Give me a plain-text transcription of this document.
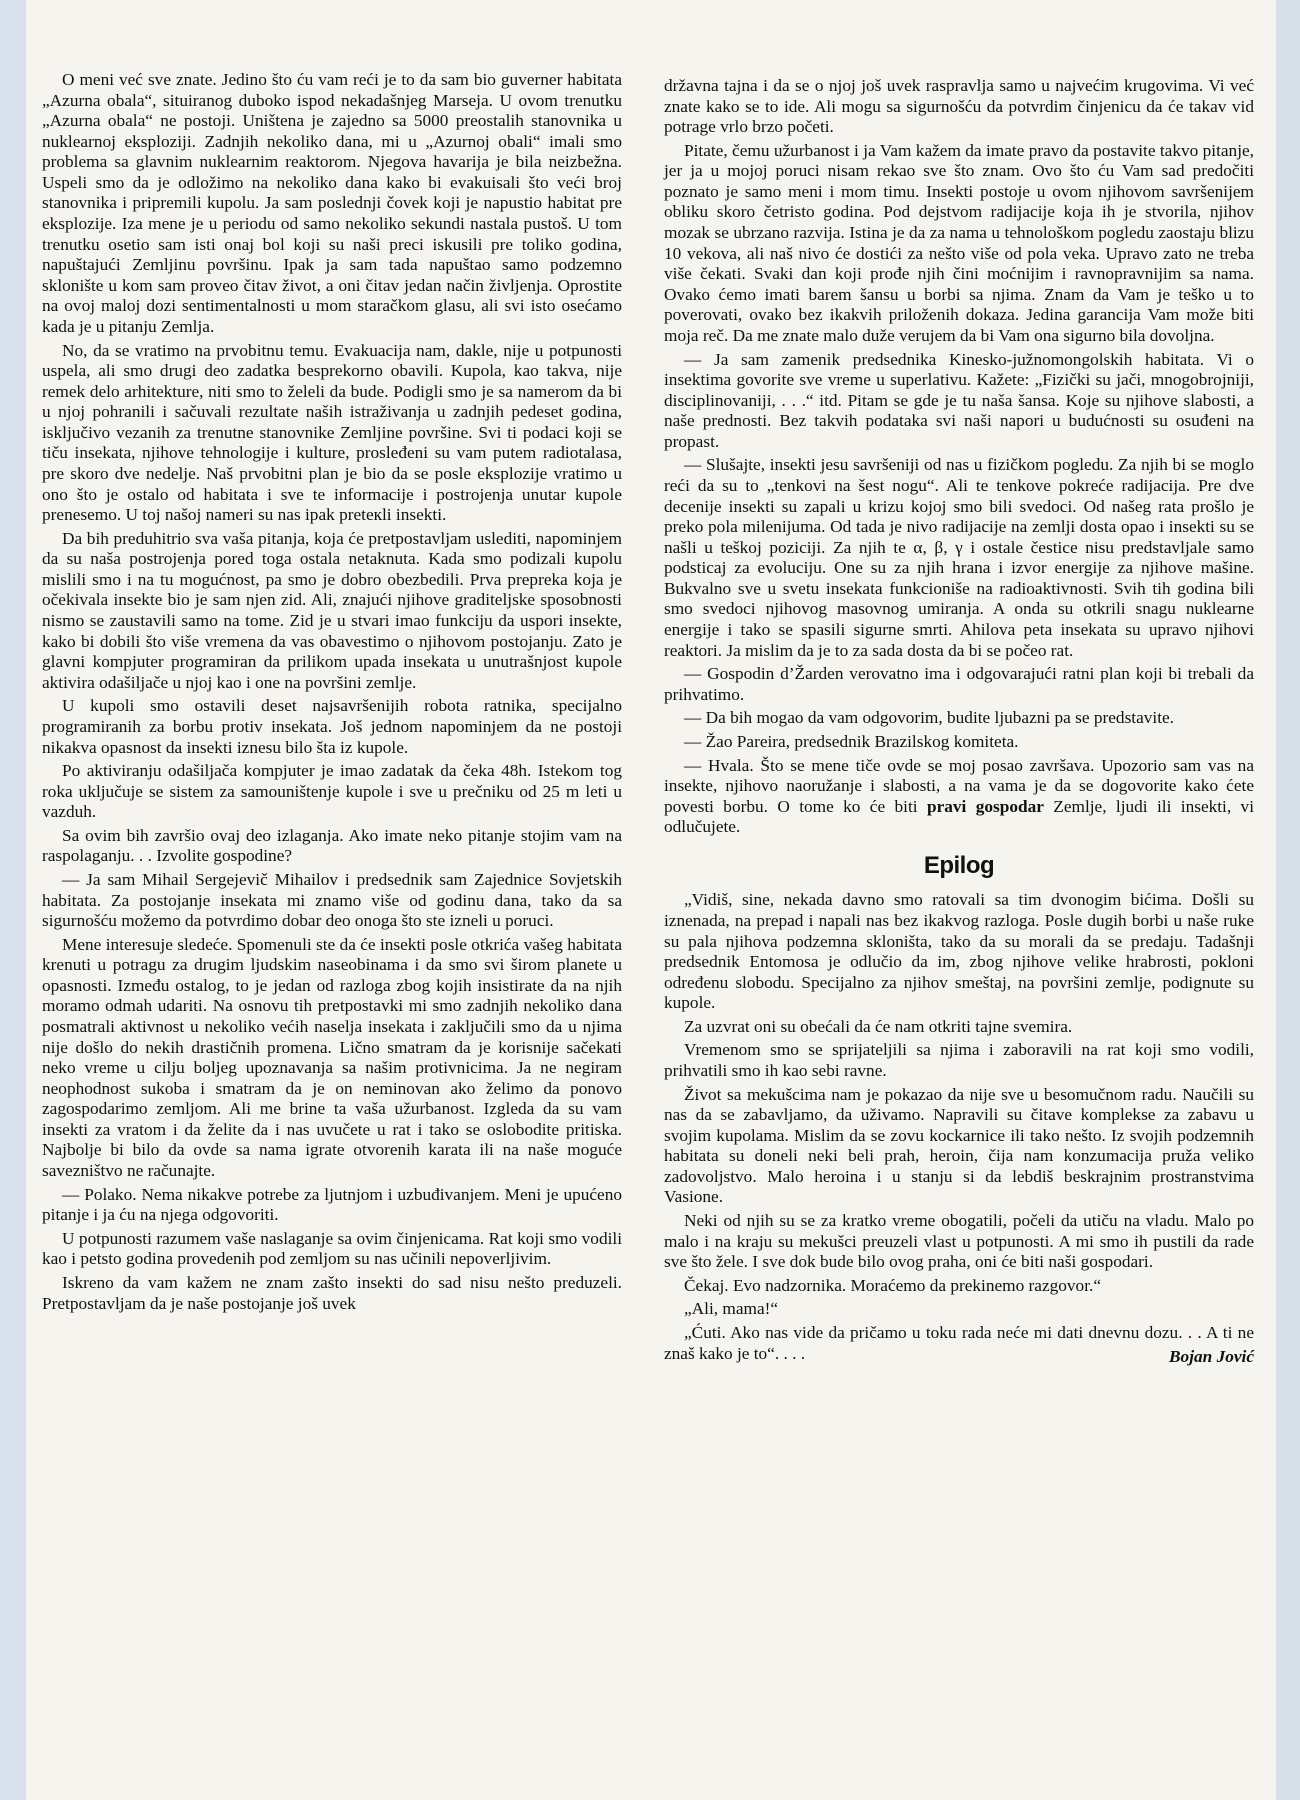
O meni već sve znate. Jedino što ću vam reći je to da sam bio guverner habitata „Azurna obala“, situiranog duboko ispod nekadašnjeg Marseja. U ovom trenutku „Azurna obala“ ne postoji. Uništena je zajedno sa 5000 preostalih stanovnika u nuklearnoj eksploziji. Zadnjih nekoliko dana, mi u „Azurnoj obali“ imali smo problema sa glavnim nuklearnim reaktorom. Njegova havarija je bila neizbežna. Uspeli smo da je odložimo na nekoliko dana kako bi evakuisali što veći broj stanovnika i pripremili kupolu. Ja sam poslednji čovek koji je napustio habitat pre eksplozije. Iza mene je u periodu od samo nekoliko sekundi nastala pustoš. U tom trenutku osetio sam isti onaj bol koji su naši preci iskusili pre toliko godina, napuštajući Zemljinu površinu. Ipak ja sam tada napuštao samo podzemno sklonište u kom sam proveo čitav život, a oni čitav jedan način življenja. Oprostite na ovoj maloj dozi sentimentalnosti u mom staračkom glasu, ali svi isto osećamo kada je u pitanju Zemlja.

No, da se vratimo na prvobitnu temu. Evakuacija nam, dakle, nije u potpunosti uspela, ali smo drugi deo zadatka besprekorno obavili. Kupola, kao takva, nije remek delo arhitekture, niti smo to želeli da bude. Podigli smo je sa namerom da bi u njoj pohranili i sačuvali rezultate naših istraživanja u zadnjih pedeset godina, isključivo vezanih za trenutne stanovnike Zemljine površine. Svi ti podaci koji se tiču insekata, njihove tehnologije i kulture, prosleđeni su vam putem radiotalasa, pre skoro dve nedelje. Naš prvobitni plan je bio da se posle eksplozije vratimo u ono što je ostalo od habitata i sve te informacije i postrojenja unutar kupole prenesemo. U toj našoj nameri su nas ipak preteкli insekti.

Da bih preduhitrio sva vaša pitanja, koja će pretpostavljam uslediti, napominjem da su naša postrojenja pored toga ostala netaknuta. Kada smo podizali kupolu mislili smo i na tu mogućnost, pa smo je dobro obezbedili. Prva prepreka koja je očekivala insekte bio je sam njen zid. Ali, znajući njihove graditeljske sposobnosti nismo se zaustavili samo na tome. Zid je u stvari imao funkciju da uspori insekte, kako bi dobili što više vremena da vas obavestimo o njihovom postojanju. Zato je glavni kompjuter programiran da prilikom upada insekata u unutrašnjost kupole aktivira odašiljače u njoj kao i one na površini zemlje.

U kupoli smo ostavili deset najsavršenijih robota ratnika, specijalno programiranih za borbu protiv insekata. Još jednom napominjem da ne postoji nikakva opasnost da insekti iznesu bilo šta iz kupole.

Po aktiviranju odašiljača kompjuter je imao zadatak da čeka 48h. Istekom tog roka uključuje se sistem za samouništenje kupole i sve u prečniku od 25 m leti u vazduh.

Sa ovim bih završio ovaj deo izlaganja. Ako imate neko pitanje stojim vam na raspolaganju. . . Izvolite gospodine?

— Ja sam Mihail Sergejevič Mihailov i predsednik sam Zajednice Sovjetskih habitata. Za postojanje insekata mi znamo više od godinu dana, tako da sa sigurnošću možemo da potvrdimo dobar deo onoga što ste izneli u poruci.

Mene interesuje sledeće. Spomenuli ste da će insekti posle otkrića vašeg habitata krenuti u potragu za drugim ljudskim naseobinama i da smo svi širom planete u opasnosti. Između ostalog, to je jedan od razloga zbog kojih insistirate da na njih moramo odmah udariti. Na osnovu tih pretpostavki mi smo zadnjih nekoliko dana posmatrali aktivnost u nekoliko većih naselja insekata i zaključili smo da u njima nije došlo do nekih drastičnih promena. Lično smatram da je korisnije sačekati neko vreme u cilju boljeg upoznavanja sa našim protivnicima. Ja ne negiram neophodnost sukoba i smatram da je on neminovan ako želimo da ponovo zagospodarimo zemljom. Ali me brine ta vaša užurbanost. Izgleda da su vam insekti za vratom i da želite da i nas uvučete u rat i tako se oslobodite pritiska. Najbolje bi bilo da ovde sa nama igrate otvorenih karata ili na naše moguće savezništvo ne računajte.

— Polako. Nema nikakve potrebe za ljutnjom i uzbuđivanjem. Meni je upućeno pitanje i ja ću na njega odgovoriti.

U potpunosti razumem vaše naslaganje sa ovim činjenicama. Rat koji smo vodili kao i petsto godina provedenih pod zemljom su nas učinili nepoverljivim.

Iskreno da vam kažem ne znam zašto insekti do sad nisu nešto preduzeli. Pretpostavljam da je naše postojanje još uvek

državna tajna i da se o njoj još uvek raspravlja samo u najvećim krugovima. Vi već znate kako se to ide. Ali mogu sa sigurnošću da potvrdim činjenicu da će takav vid potrage vrlo brzo početi.

Pitate, čemu užurbanost i ja Vam kažem da imate pravo da postavite takvo pitanje, jer ja u mojoj poruci nisam rekao sve što znam. Ovo što ću Vam sad predočiti poznato je samo meni i mom timu. Insekti postoje u ovom njihovom savršenijem obliku skoro četristo godina. Pod dejstvom radijacije koja ih je stvorila, njihov mozak se ubrzano razvija. Istina je da za nama u tehnološkom pogledu zaostaju blizu 10 vekova, ali naš nivo će dostići za nešto više od pola veka. Upravo zato ne treba više čekati. Svaki dan koji prođe njih čini moćnijim i ravnopravnijim sa nama. Ovako ćemo imati barem šansu u borbi sa njima. Znam da Vam je teško u to poverovati, ovako bez ikakvih priloženih dokaza. Jedina garancija Vam može biti moja reč. Da me znate malo duže verujem da bi Vam ona sigurno bila dovoljna.

— Ja sam zamenik predsednika Kinesko-južnomongolskih habitata. Vi o insektima govorite sve vreme u superlativu. Kažete: „Fizički su jači, mnogobrojniji, disciplinovaniji, . . .“ itd. Pitam se gde je tu naša šansa. Koje su njihove slabosti, a naše prednosti. Bez takvih podataka svi naši napori u budućnosti su osuđeni na propast.

— Slušajte, insekti jesu savršeniji od nas u fizičkom pogledu. Za njih bi se moglo reći da su to „tenkovi na šest nogu“. Ali te tenkove pokreće radijacija. Pre dve decenije insekti su zapali u krizu kojoj smo bili svedoci. Od našeg rata prošlo je preko pola milenijuma. Od tada je nivo radijacije na zemlji dosta opao i insekti su se našli u teškoj poziciji. Za njih te α, β, γ i ostale čestice nisu predstavljale samo podsticaj za evoluciju. One su za njih hrana i izvor energije za njihove mašine. Bukvalno sve u svetu insekata funkcioniše na radioaktivnosti. Svih tih godina bili smo svedoci njihovog masovnog umiranja. A onda su otkrili snagu nuklearne energije i tako se spasili sigurne smrti. Ahilova peta insekata su upravo njihovi reaktori. Ja mislim da je to za sada dosta da bi se počeo rat.

— Gospodin d’Žarden verovatno ima i odgovarajući ratni plan koji bi trebali da prihvatimo.

— Da bih mogao da vam odgovorim, budite ljubazni pa se predstavite.

— Žao Pareira, predsednik Brazilskog komiteta.

— Hvala. Što se mene tiče ovde se moj posao završava. Upozorio sam vas na insekte, njihovo naoružanje i slabosti, a na vama je da se dogovorite kako ćete povesti borbu. O tome ko će biti pravi gospodar Zemlje, ljudi ili insekti, vi odlučujete.

Epilog

„Vidiš, sine, nekada davno smo ratovali sa tim dvonogim bićima. Došli su iznenada, na prepad i napali nas bez ikakvog razloga. Posle dugih borbi u naše ruke su pala njihova podzemna skloništa, tako da su morali da se predaju. Tadašnji predsednik Entomosa je odlučio da im, zbog njihove velike hrabrosti, pokloni određenu slobodu. Specijalno za njihov smeštaj, na površini zemlje, podignute su kupole.

Za uzvrat oni su obećali da će nam otkriti tajne svemira.

Vremenom smo se sprijateljili sa njima i zaboravili na rat koji smo vodili, prihvatili smo ih kao sebi ravne.

Život sa mekušcima nam je pokazao da nije sve u besomučnom radu. Naučili su nas da se zabavljamo, da uživamo. Napravili su čitave komplekse za zabavu u svojim kupolama. Mislim da se zovu kockarnice ili tako nešto. Iz svojih podzemnih habitata su doneli neki beli prah, heroin, čija nam konzumacija pruža veliko zadovoljstvo. Malo heroina i u stanju si da lebdiš beskrajnim prostranstvima Vasione.

Neki od njih su se za kratko vreme obogatili, počeli da utiču na vladu. Malo po malo i na kraju su mekušci preuzeli vlast u potpunosti. A mi smo ih pustili da rade sve što žele. I sve dok bude bilo ovog praha, oni će biti naši gospodari.

Čekaj. Evo nadzornika. Moraćemo da prekinemo razgovor.“

„Ali, mama!“

„Ćuti. Ako nas vide da pričamo u toku rada neće mi dati dnevnu dozu. . . A ti ne znaš kako je to“. . . .	Bojan Jović
